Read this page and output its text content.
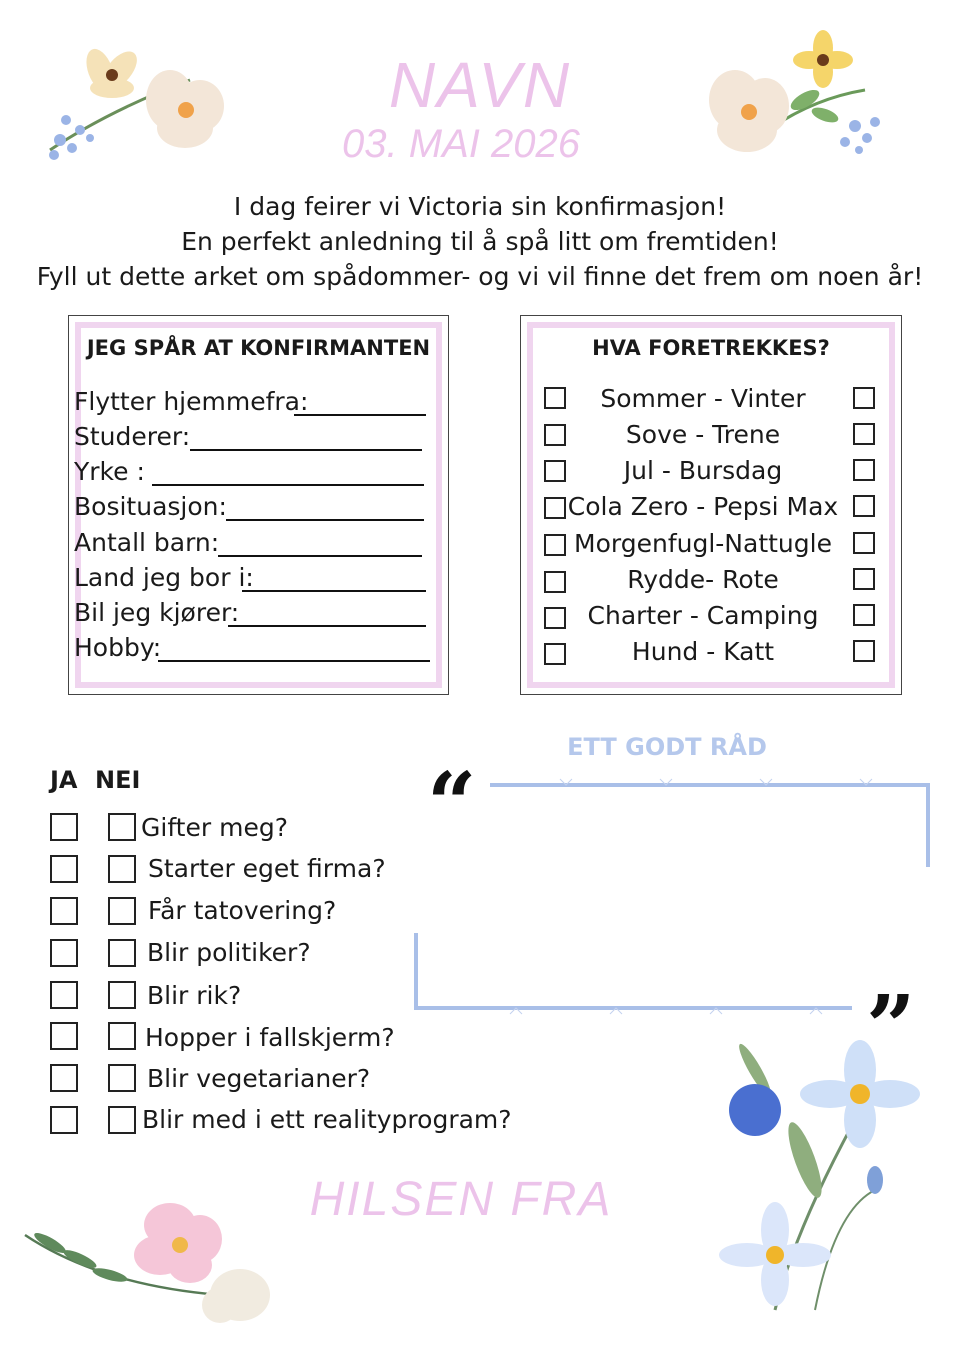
NAVN
03. MAI 2026
I dag feirer vi Victoria sin konfirmasjon!
En perfekt anledning til å spå litt om fremtiden!
Fyll ut dette arket om spådommer- og vi vil finne det frem om noen år!
JEG SPÅR AT KONFIRMANTEN
Flytter hjemmefra:
Studerer:
Yrke :
Bosituasjon:
Antall barn:
Land jeg bor i:
Bil jeg kjører:
Hobby:
HVA FORETREKKES?
Sommer - Vinter
Sove - Trene
Jul - Bursdag
Cola Zero - Pepsi Max
Morgenfugl-Nattugle
Rydde- Rote
Charter - Camping
Hund - Katt
JA NEI
Gifter meg?
Starter eget firma?
Får tatovering?
Blir politiker?
Blir rik?
Hopper i fallskjerm?
Blir vegetarianer?
Blir med i ett realityprogram?
ETT GODT RÅD
“
”
HILSEN FRA
